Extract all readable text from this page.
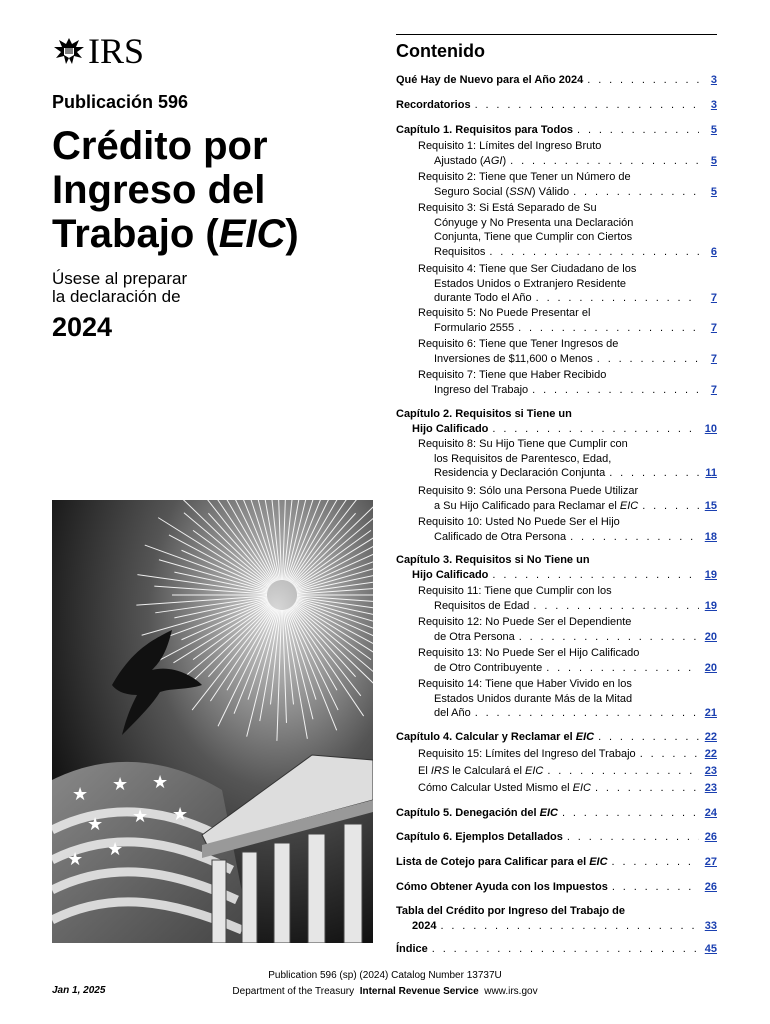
IRS
Publicación 596
Crédito por
Ingreso del
Trabajo (EIC)
Úsese al preparar
la declaración de
2024
★ ★ ★
★ ★ ★
★ ★
Contenido
Qué Hay de Nuevo para el Año 2024 . . .	3
Recordatorios . . .	3
Capítulo 1. Requisitos para Todos . . .	5
Requisito 1: Límites del Ingreso Bruto
Ajustado (AGI) . . .	5
Requisito 2: Tiene que Tener un Número de
Seguro Social (SSN) Válido . . .	5
Requisito 3: Si Está Separado de Su
Cónyuge y No Presenta una Declaración
Conjunta, Tiene que Cumplir con Ciertos
Requisitos . . .	6
Requisito 4: Tiene que Ser Ciudadano de los
Estados Unidos o Extranjero Residente
durante Todo el Año . . .	7
Requisito 5: No Puede Presentar el
Formulario 2555 . . .	7
Requisito 6: Tiene que Tener Ingresos de
Inversiones de $11,600 o Menos . . .	7
Requisito 7: Tiene que Haber Recibido
Ingreso del Trabajo . . .	7
Capítulo 2. Requisitos si Tiene un
Hijo Calificado . . .	10
Requisito 8: Su Hijo Tiene que Cumplir con
los Requisitos de Parentesco, Edad,
Residencia y Declaración Conjunta . . .	11
Requisito 9: Sólo una Persona Puede Utilizar
a Su Hijo Calificado para Reclamar el EIC . . .	15
Requisito 10: Usted No Puede Ser el Hijo
Calificado de Otra Persona . . .	18
Capítulo 3. Requisitos si No Tiene un
Hijo Calificado . . .	19
Requisito 11: Tiene que Cumplir con los
Requisitos de Edad . . .	19
Requisito 12: No Puede Ser el Dependiente
de Otra Persona . . .	20
Requisito 13: No Puede Ser el Hijo Calificado
de Otro Contribuyente . . .	20
Requisito 14: Tiene que Haber Vivido en los
Estados Unidos durante Más de la Mitad
del Año . . .	21
Capítulo 4. Calcular y Reclamar el EIC . . .	22
Requisito 15: Límites del Ingreso del Trabajo . . .	22
El IRS le Calculará el EIC . . .	23
Cómo Calcular Usted Mismo el EIC . . .	23
Capítulo 5. Denegación del EIC . . .	24
Capítulo 6. Ejemplos Detallados . . .	26
Lista de Cotejo para Calificar para el EIC . . .	27
Cómo Obtener Ayuda con los Impuestos . . .	26
Tabla del Crédito por Ingreso del Trabajo de
2024 . . .	33
Índice . . .	45
Jan 1, 2025
Publication 596 (sp) (2024) Catalog Number 13737U
Department of the Treasury Internal Revenue Service www.irs.gov
